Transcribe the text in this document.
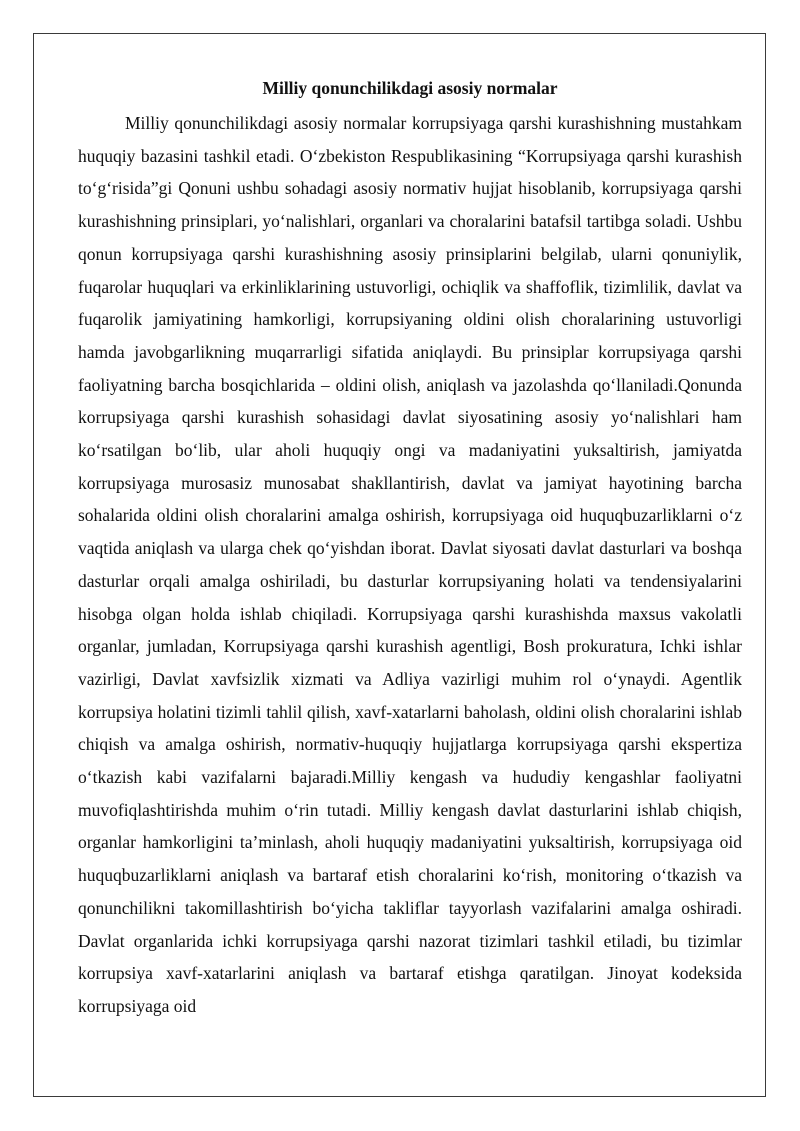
Milliy qonunchilikdagi asosiy normalar

Milliy qonunchilikdagi asosiy normalar korrupsiyaga qarshi kurashishning mustahkam huquqiy bazasini tashkil etadi. O‘zbekiston Respublikasining “Korrupsiyaga qarshi kurashish to‘g‘risida”gi Qonuni ushbu sohadagi asosiy normativ hujjat hisoblanib, korrupsiyaga qarshi kurashishning prinsiplari, yo‘nalishlari, organlari va choralarini batafsil tartibga soladi. Ushbu qonun korrupsiyaga qarshi kurashishning asosiy prinsiplarini belgilab, ularni qonuniylik, fuqarolar huquqlari va erkinliklarining ustuvorligi, ochiqlik va shaffoflik, tizimlilik, davlat va fuqarolik jamiyatining hamkorligi, korrupsiyaning oldini olish choralarining ustuvorligi hamda javobgarlikning muqarrarligi sifatida aniqlaydi. Bu prinsiplar korrupsiyaga qarshi faoliyatning barcha bosqichlarida – oldini olish, aniqlash va jazolashda qo‘llaniladi.Qonunda korrupsiyaga qarshi kurashish sohasidagi davlat siyosatining asosiy yo‘nalishlari ham ko‘rsatilgan bo‘lib, ular aholi huquqiy ongi va madaniyatini yuksaltirish, jamiyatda korrupsiyaga murosasiz munosabat shakllantirish, davlat va jamiyat hayotining barcha sohalarida oldini olish choralarini amalga oshirish, korrupsiyaga oid huquqbuzarliklarni o‘z vaqtida aniqlash va ularga chek qo‘yishdan iborat. Davlat siyosati davlat dasturlari va boshqa dasturlar orqali amalga oshiriladi, bu dasturlar korrupsiyaning holati va tendensiyalarini hisobga olgan holda ishlab chiqiladi. Korrupsiyaga qarshi kurashishda maxsus vakolatli organlar, jumladan, Korrupsiyaga qarshi kurashish agentligi, Bosh prokuratura, Ichki ishlar vazirligi, Davlat xavfsizlik xizmati va Adliya vazirligi muhim rol o‘ynaydi. Agentlik korrupsiya holatini tizimli tahlil qilish, xavf-xatarlarni baholash, oldini olish choralarini ishlab chiqish va amalga oshirish, normativ-huquqiy hujjatlarga korrupsiyaga qarshi ekspertiza o‘tkazish kabi vazifalarni bajaradi.Milliy kengash va hududiy kengashlar faoliyatni muvofiqlashtirishda muhim o‘rin tutadi. Milliy kengash davlat dasturlarini ishlab chiqish, organlar hamkorligini ta’minlash, aholi huquqiy madaniyatini yuksaltirish, korrupsiyaga oid huquqbuzarliklarni aniqlash va bartaraf etish choralarini ko‘rish, monitoring o‘tkazish va qonunchilikni takomillashtirish bo‘yicha takliflar tayyorlash vazifalarini amalga oshiradi. Davlat organlarida ichki korrupsiyaga qarshi nazorat tizimlari tashkil etiladi, bu tizimlar korrupsiya xavf-xatarlarini aniqlash va bartaraf etishga qaratilgan. Jinoyat kodeksida korrupsiyaga oid
